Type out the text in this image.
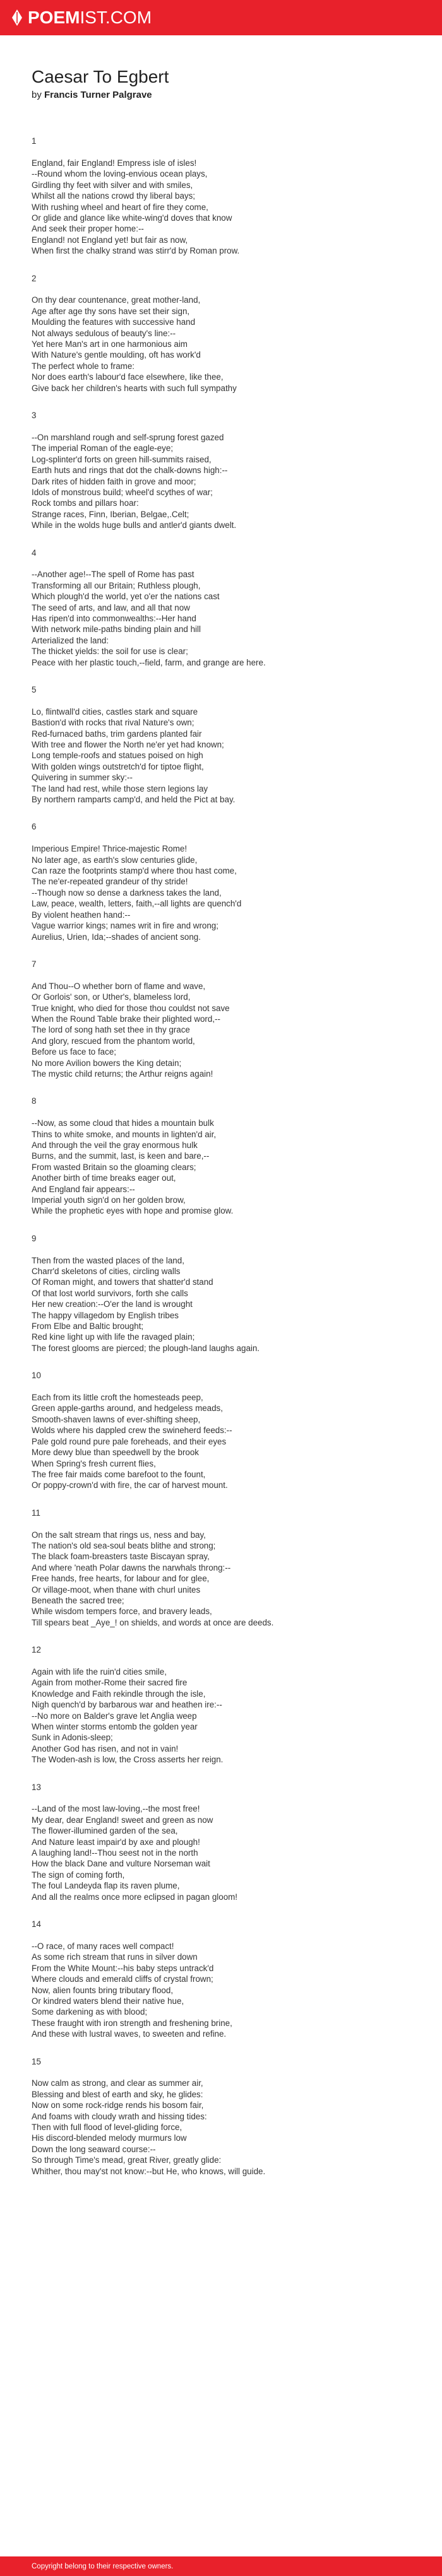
POEMIST.COM
Caesar To Egbert
by Francis Turner Palgrave
1
England, fair England! Empress isle of isles!
--Round whom the loving-envious ocean plays,
Girdling thy feet with silver and with smiles,
Whilst all the nations crowd thy liberal bays;
With rushing wheel and heart of fire they come,
Or glide and glance like white-wing'd doves that know
And seek their proper home:--
England! not England yet! but fair as now,
When first the chalky strand was stirr'd by Roman prow.
2
On thy dear countenance, great mother-land,
Age after age thy sons have set their sign,
Moulding the features with successive hand
Not always sedulous of beauty's line:--
Yet here Man's art in one harmonious aim
With Nature's gentle moulding, oft has work'd
The perfect whole to frame:
Nor does earth's labour'd face elsewhere, like thee,
Give back her children's hearts with such full sympathy
3
--On marshland rough and self-sprung forest gazed
The imperial Roman of the eagle-eye;
Log-splinter'd forts on green hill-summits raised,
Earth huts and rings that dot the chalk-downs high:--
Dark rites of hidden faith in grove and moor;
Idols of monstrous build; wheel'd scythes of war;
Rock tombs and pillars hoar:
Strange races, Finn, Iberian, Belgae,.Celt;
While in the wolds huge bulls and antler'd giants dwelt.
4
--Another age!--The spell of Rome has past
Transforming all our Britain; Ruthless plough,
Which plough'd the world, yet o'er the nations cast
The seed of arts, and law, and all that now
Has ripen'd into commonwealths:--Her hand
With network mile-paths binding plain and hill
Arterialized the land:
The thicket yields: the soil for use is clear;
Peace with her plastic touch,--field, farm, and grange are here.
5
Lo, flintwall'd cities, castles stark and square
Bastion'd with rocks that rival Nature's own;
Red-furnaced baths, trim gardens planted fair
With tree and flower the North ne'er yet had known;
Long temple-roofs and statues poised on high
With golden wings outstretch'd for tiptoe flight,
Quivering in summer sky:--
The land had rest, while those stern legions lay
By northern ramparts camp'd, and held the Pict at bay.
6
Imperious Empire! Thrice-majestic Rome!
No later age, as earth's slow centuries glide,
Can raze the footprints stamp'd where thou hast come,
The ne'er-repeated grandeur of thy stride!
--Though now so dense a darkness takes the land,
Law, peace, wealth, letters, faith,--all lights are quench'd
By violent heathen hand:--
Vague warrior kings; names writ in fire and wrong;
Aurelius, Urien, Ida;--shades of ancient song.
7
And Thou--O whether born of flame and wave,
Or Gorlois' son, or Uther's, blameless lord,
True knight, who died for those thou couldst not save
When the Round Table brake their plighted word,--
The lord of song hath set thee in thy grace
And glory, rescued from the phantom world,
Before us face to face;
No more Avilion bowers the King detain;
The mystic child returns; the Arthur reigns again!
8
--Now, as some cloud that hides a mountain bulk
Thins to white smoke, and mounts in lighten'd air,
And through the veil the gray enormous hulk
Burns, and the summit, last, is keen and bare,--
From wasted Britain so the gloaming clears;
Another birth of time breaks eager out,
And England fair appears:--
Imperial youth sign'd on her golden brow,
While the prophetic eyes with hope and promise glow.
9
Then from the wasted places of the land,
Charr'd skeletons of cities, circling walls
Of Roman might, and towers that shatter'd stand
Of that lost world survivors, forth she calls
Her new creation:--O'er the land is wrought
The happy villagedom by English tribes
From Elbe and Baltic brought;
Red kine light up with life the ravaged plain;
The forest glooms are pierced; the plough-land laughs again.
10
Each from its little croft the homesteads peep,
Green apple-garths around, and hedgeless meads,
Smooth-shaven lawns of ever-shifting sheep,
Wolds where his dappled crew the swineherd feeds:--
Pale gold round pure pale foreheads, and their eyes
More dewy blue than speedwell by the brook
When Spring's fresh current flies,
The free fair maids come barefoot to the fount,
Or poppy-crown'd with fire, the car of harvest mount.
11
On the salt stream that rings us, ness and bay,
The nation's old sea-soul beats blithe and strong;
The black foam-breasters taste Biscayan spray,
And where 'neath Polar dawns the narwhals throng:--
Free hands, free hearts, for labour and for glee,
Or village-moot, when thane with churl unites
Beneath the sacred tree;
While wisdom tempers force, and bravery leads,
Till spears beat _Aye_! on shields, and words at once are deeds.
12
Again with life the ruin'd cities smile,
Again from mother-Rome their sacred fire
Knowledge and Faith rekindle through the isle,
Nigh quench'd by barbarous war and heathen ire:--
--No more on Balder's grave let Anglia weep
When winter storms entomb the golden year
Sunk in Adonis-sleep;
Another God has risen, and not in vain!
The Woden-ash is low, the Cross asserts her reign.
13
--Land of the most law-loving,--the most free!
My dear, dear England! sweet and green as now
The flower-illumined garden of the sea,
And Nature least impair'd by axe and plough!
A laughing land!--Thou seest not in the north
How the black Dane and vulture Norseman wait
The sign of coming forth,
The foul Landeyda flap its raven plume,
And all the realms once more eclipsed in pagan gloom!
14
--O race, of many races well compact!
As some rich stream that runs in silver down
From the White Mount:--his baby steps untrack'd
Where clouds and emerald cliffs of crystal frown;
Now, alien founts bring tributary flood,
Or kindred waters blend their native hue,
Some darkening as with blood;
These fraught with iron strength and freshening brine,
And these with lustral waves, to sweeten and refine.
15
Now calm as strong, and clear as summer air,
Blessing and blest of earth and sky, he glides:
Now on some rock-ridge rends his bosom fair,
And foams with cloudy wrath and hissing tides:
Then with full flood of level-gliding force,
His discord-blended melody murmurs low
Down the long seaward course:--
So through Time's mead, great River, greatly glide:
Whither, thou may'st not know:--but He, who knows, will guide.
Copyright belong to their respective owners.
